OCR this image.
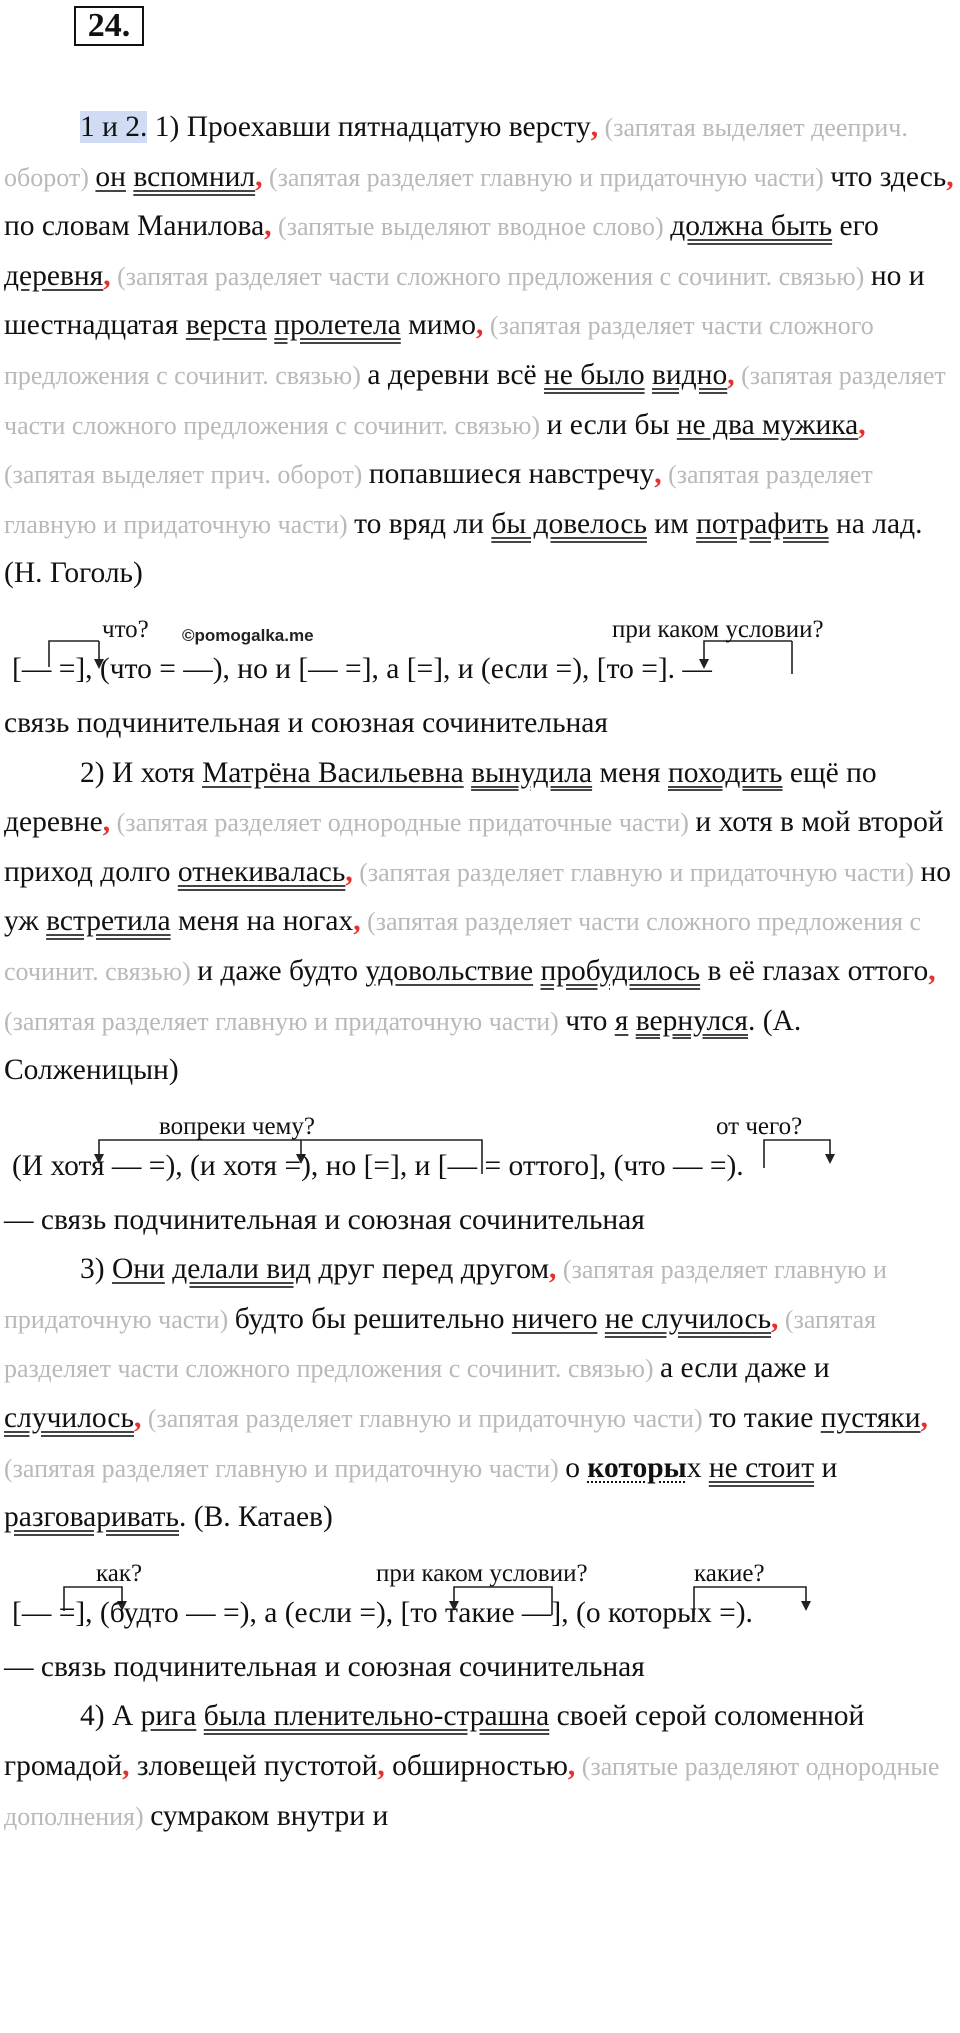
24.

1 и 2. 1) Проехавши пятнадцатую версту, (запятая выделяет дееприч. оборот) он вспомнил, (запятая разделяет главную и придаточную части) что здесь, по словам Манилова, (запятые выделяют вводное слово) должна быть его деревня, (запятая разделяет части сложного предложения с сочинит. связью) но и шестнадцатая верста пролетела мимо, (запятая разделяет части сложного предложения с сочинит. связью) а деревни всё не было видно, (запятая разделяет части сложного предложения с сочинит. связью) и если бы не два мужика, (запятая выделяет прич. оборот) попавшиеся навстречу, (запятая разделяет главную и придаточную части) то вряд ли бы довелось им потрафить на лад. (Н. Гоголь)

что? ©pomogalka.me	при каком условии?
[— =], (что = —), но и [— =], а [=], и (если =), [то =]. —

связь подчинительная и союзная сочинительная

2) И хотя Матрёна Васильевна вынудила меня походить ещё по деревне, (запятая разделяет однородные придаточные части) и хотя в мой второй приход долго отнекивалась, (запятая разделяет главную и придаточную части) но уж встретила меня на ногах, (запятая разделяет части сложного предложения с сочинит. связью) и даже будто удовольствие пробудилось в её глазах оттого, (запятая разделяет главную и придаточную части) что я вернулся. (А. Солженицын)

вопреки чему?	от чего?
(И хотя — =), (и хотя =), но [=], и [— = оттого], (что — =).

— связь подчинительная и союзная сочинительная

3) Они делали вид друг перед другом, (запятая разделяет главную и придаточную части) будто бы решительно ничего не случилось, (запятая разделяет части сложного предложения с сочинит. связью) а если даже и случилось, (запятая разделяет главную и придаточную части) то такие пустяки, (запятая разделяет главную и придаточную части) о которых не стоит и разговаривать. (В. Катаев)

как?	при каком условии?	какие?
[— =], (будто — =), а (если =), [то такие —], (о которых =).

— связь подчинительная и союзная сочинительная

4) А рига была пленительно-страшна своей серой соломенной громадой, зловещей пустотой, обширностью, (запятые разделяют однородные дополнения) сумраком внутри и
